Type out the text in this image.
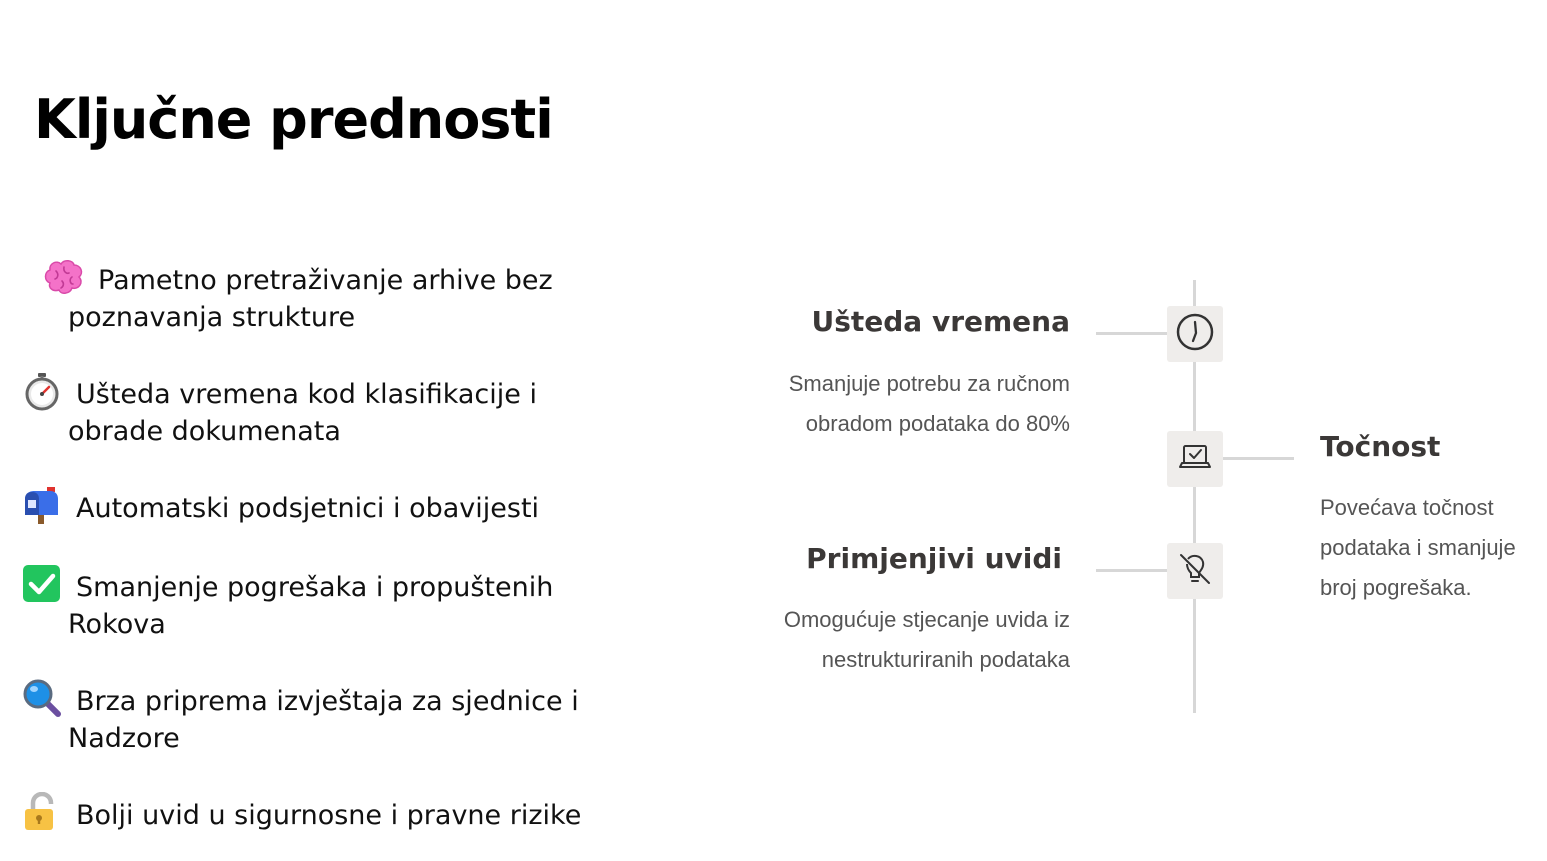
Ključne prednosti
Pametno pretraživanje arhive bez
poznavanja strukture
Ušteda vremena kod klasifikacije i
obrade dokumenata
Automatski podsjetnici i obavijesti
Smanjenje pogrešaka i propuštenih
Rokova
Brza priprema izvještaja za sjednice i
Nadzore
Bolji uvid u sigurnosne i pravne rizike
Ušteda vremena
Smanjuje potrebu za ručnom
obradom podataka do 80%
Točnost
Povećava točnost
podataka i smanjuje
broj pogrešaka.
Primjenjivi uvidi
Omogućuje stjecanje uvida iz
nestrukturiranih podataka
